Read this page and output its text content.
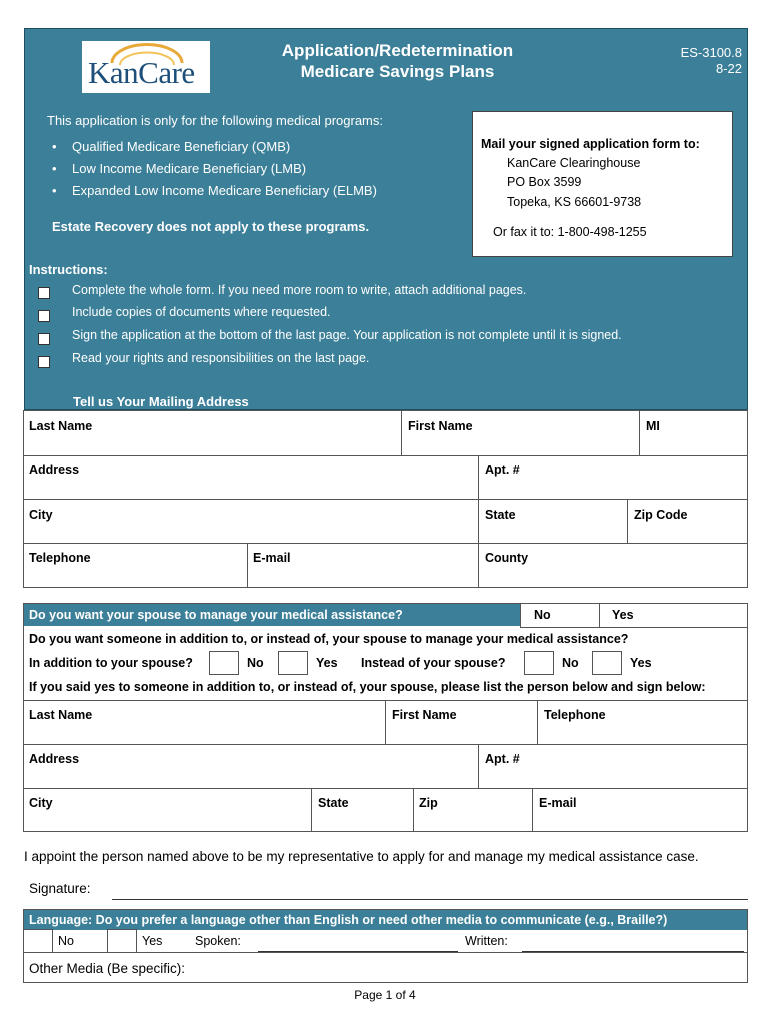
KanCare
Application/Redetermination
Medicare Savings Plans
ES-3100.8
8-22
This application is only for the following medical programs:
• Qualified Medicare Beneficiary (QMB)
• Low Income Medicare Beneficiary (LMB)
• Expanded Low Income Medicare Beneficiary (ELMB)
Estate Recovery does not apply to these programs.
Mail your signed application form to:
KanCare Clearinghouse
PO Box 3599
Topeka, KS 66601-9738
Or fax it to: 1-800-498-1255
Instructions:
Complete the whole form. If you need more room to write, attach additional pages.
Include copies of documents where requested.
Sign the application at the bottom of the last page. Your application is not complete until it is signed.
Read your rights and responsibilities on the last page.
Tell us Your Mailing Address
Last Name	First Name	MI
Address	Apt. #
City	State	Zip Code
Telephone	E-mail	County
Do you want your spouse to manage your medical assistance?	No	Yes
Do you want someone in addition to, or instead of, your spouse to manage your medical assistance?
In addition to your spouse?	No	Yes Instead of your spouse?	No	Yes
If you said yes to someone in addition to, or instead of, your spouse, please list the person below and sign below:
Last Name	First Name	Telephone
Address	Apt. #
City	State	Zip	E-mail
I appoint the person named above to be my representative to apply for and manage my medical assistance case.
Signature:
Language: Do you prefer a language other than English or need other media to communicate (e.g., Braille?)
No	Yes	Spoken:	Written:
Other Media (Be specific):
Page 1 of 4
